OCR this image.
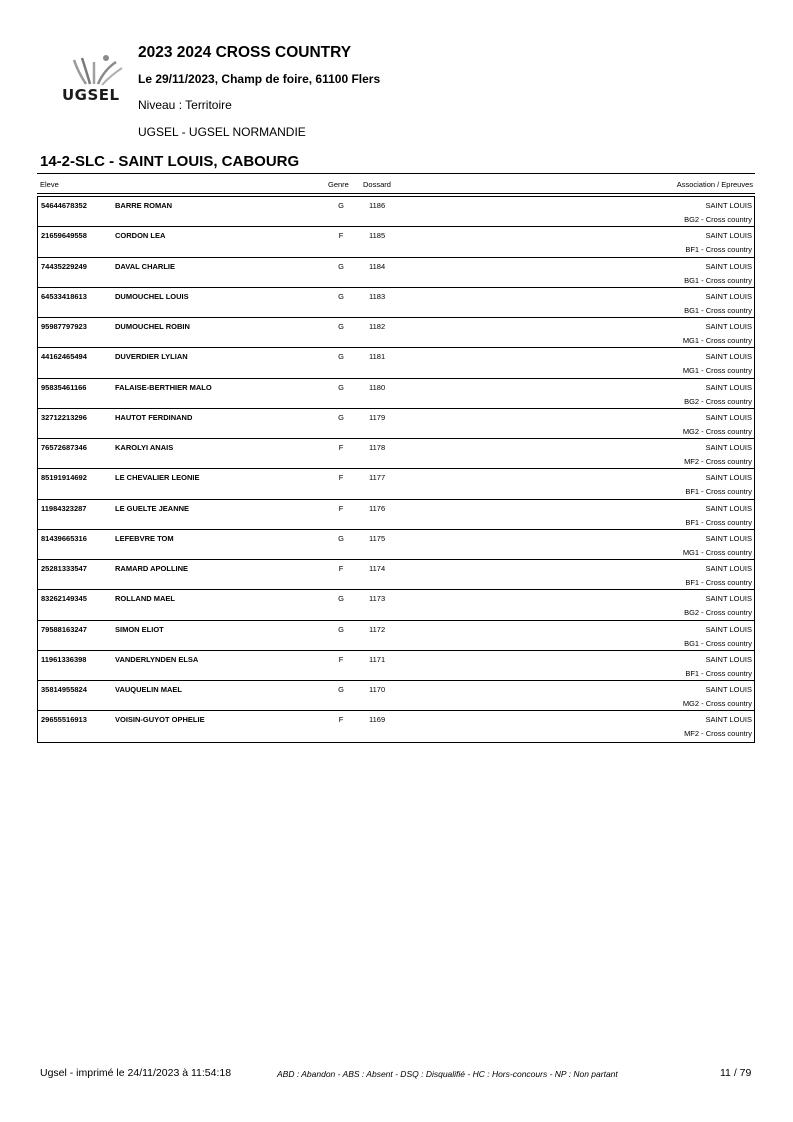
UGSEL
2023 2024 CROSS COUNTRY
Le 29/11/2023, Champ de foire, 61100 Flers
Niveau : Territoire
UGSEL - UGSEL NORMANDIE
14-2-SLC - SAINT LOUIS, CABOURG
Eleve	Genre Dossard	Association / Epreuves
54644678352	BARRE ROMAN	G	1186	SAINT LOUIS
BG2 - Cross country
21659649558	CORDON LEA	F	1185	SAINT LOUIS
BF1 - Cross country
74435229249	DAVAL CHARLIE	G	1184	SAINT LOUIS
BG1 - Cross country
64533418613	DUMOUCHEL LOUIS	G	1183	SAINT LOUIS
BG1 - Cross country
95987797923	DUMOUCHEL ROBIN	G	1182	SAINT LOUIS
MG1 - Cross country
44162465494	DUVERDIER LYLIAN	G	1181	SAINT LOUIS
MG1 - Cross country
95835461166	FALAISE-BERTHIER MALO	G	1180	SAINT LOUIS
BG2 - Cross country
32712213296	HAUTOT FERDINAND	G	1179	SAINT LOUIS
MG2 - Cross country
76572687346	KAROLYI ANAIS	F	1178	SAINT LOUIS
MF2 - Cross country
85191914692	LE CHEVALIER LEONIE	F	1177	SAINT LOUIS
BF1 - Cross country
11984323287	LE GUELTE JEANNE	F	1176	SAINT LOUIS
BF1 - Cross country
81439665316	LEFEBVRE TOM	G	1175	SAINT LOUIS
MG1 - Cross country
25281333547	RAMARD APOLLINE	F	1174	SAINT LOUIS
BF1 - Cross country
83262149345	ROLLAND MAEL	G	1173	SAINT LOUIS
BG2 - Cross country
79588163247	SIMON ELIOT	G	1172	SAINT LOUIS
BG1 - Cross country
11961336398	VANDERLYNDEN ELSA	F	1171	SAINT LOUIS
BF1 - Cross country
35814955824	VAUQUELIN MAEL	G	1170	SAINT LOUIS
MG2 - Cross country
29655516913	VOISIN-GUYOT OPHELIE	F	1169	SAINT LOUIS
MF2 - Cross country
Ugsel - imprimé le 24/11/2023 à 11:54:18	ABD : Abandon - ABS : Absent - DSQ : Disqualifié - HC : Hors-concours - NP : Non partant	11 / 79
